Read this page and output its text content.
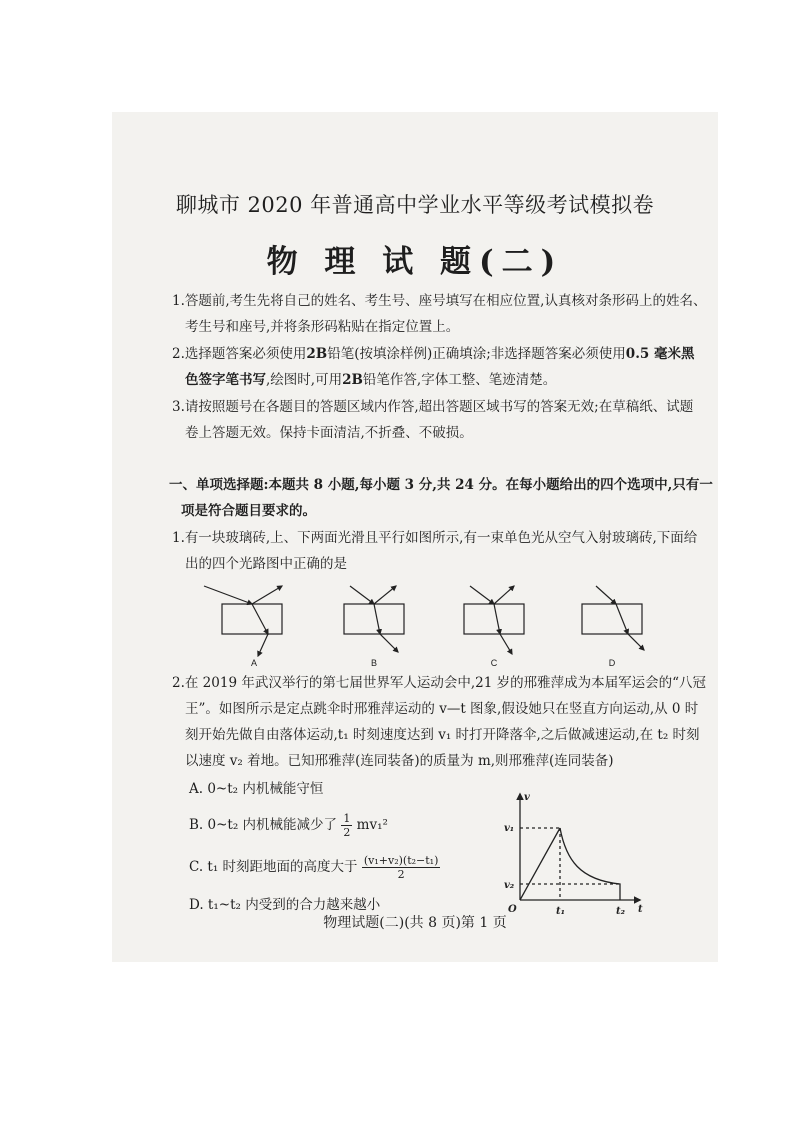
聊城市 2020 年普通高中学业水平等级考试模拟卷
物 理 试 题(二)
1.答题前,考生先将自己的姓名、考生号、座号填写在相应位置,认真核对条形码上的姓名、
考生号和座号,并将条形码粘贴在指定位置上。
2.选择题答案必须使用2B铅笔(按填涂样例)正确填涂;非选择题答案必须使用0.5 毫米黑
色签字笔书写,绘图时,可用2B铅笔作答,字体工整、笔迹清楚。
3.请按照题号在各题目的答题区域内作答,超出答题区域书写的答案无效;在草稿纸、试题
卷上答题无效。保持卡面清洁,不折叠、不破损。
一、单项选择题:本题共 8 小题,每小题 3 分,共 24 分。在每小题给出的四个选项中,只有一
项是符合题目要求的。
1.有一块玻璃砖,上、下两面光滑且平行如图所示,有一束单色光从空气入射玻璃砖,下面给
出的四个光路图中正确的是
A	B	C	D
2.在 2019 年武汉举行的第七届世界军人运动会中,21 岁的邢雅萍成为本届军运会的“八冠
王”。如图所示是定点跳伞时邢雅萍运动的 v—t 图象,假设她只在竖直方向运动,从 0 时
刻开始先做自由落体运动,t₁ 时刻速度达到 v₁ 时打开降落伞,之后做减速运动,在 t₂ 时刻
以速度 v₂ 着地。已知邢雅萍(连同装备)的质量为 m,则邢雅萍(连同装备)
A. 0~t₂ 内机械能守恒
B. 0~t₂ 内机械能减少了 $\frac{1}{2} mv_1^2$
C. t₁ 时刻距地面的高度大于 $\frac{\text{(v₁+v₂)(t₂−t₁)}}{2}$
D. t₁~t₂ 内受到的合力越来越小
v
t
O
v₁
v₂
t₁	t₂
物理试题(二)(共 8 页)第 1 页
